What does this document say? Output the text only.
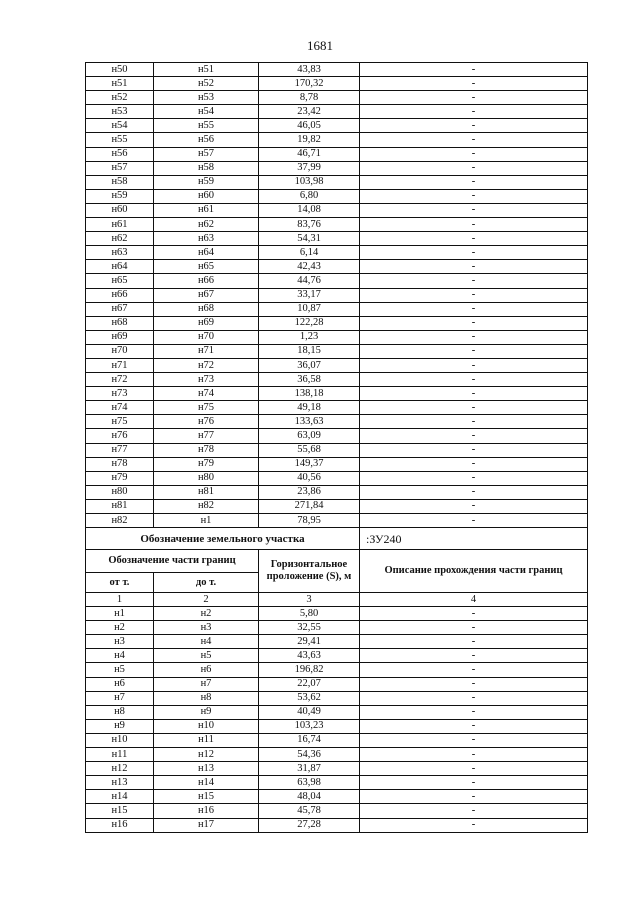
1681
н50	н51	43,83	-
н51	н52	170,32	-
н52	н53	8,78	-
н53	н54	23,42	-
н54	н55	46,05	-
н55	н56	19,82	-
н56	н57	46,71	-
н57	н58	37,99	-
н58	н59	103,98	-
н59	н60	6,80	-
н60	н61	14,08	-
н61	н62	83,76	-
н62	н63	54,31	-
н63	н64	6,14	-
н64	н65	42,43	-
н65	н66	44,76	-
н66	н67	33,17	-
н67	н68	10,87	-
н68	н69	122,28	-
н69	н70	1,23	-
н70	н71	18,15	-
н71	н72	36,07	-
н72	н73	36,58	-
н73	н74	138,18	-
н74	н75	49,18	-
н75	н76	133,63	-
н76	н77	63,09	-
н77	н78	55,68	-
н78	н79	149,37	-
н79	н80	40,56	-
н80	н81	23,86	-
н81	н82	271,84	-
н82	н1	78,95	-
Обозначение земельного участка			:ЗУ240
Обозначение части границ		Горизонтальное проложение (S), м	Описание прохождения части границ
от т.	до т.		
1	2	3	4
н1	н2	5,80	-
н2	н3	32,55	-
н3	н4	29,41	-
н4	н5	43,63	-
н5	н6	196,82	-
н6	н7	22,07	-
н7	н8	53,62	-
н8	н9	40,49	-
н9	н10	103,23	-
н10	н11	16,74	-
н11	н12	54,36	-
н12	н13	31,87	-
н13	н14	63,98	-
н14	н15	48,04	-
н15	н16	45,78	-
н16	н17	27,28	-
